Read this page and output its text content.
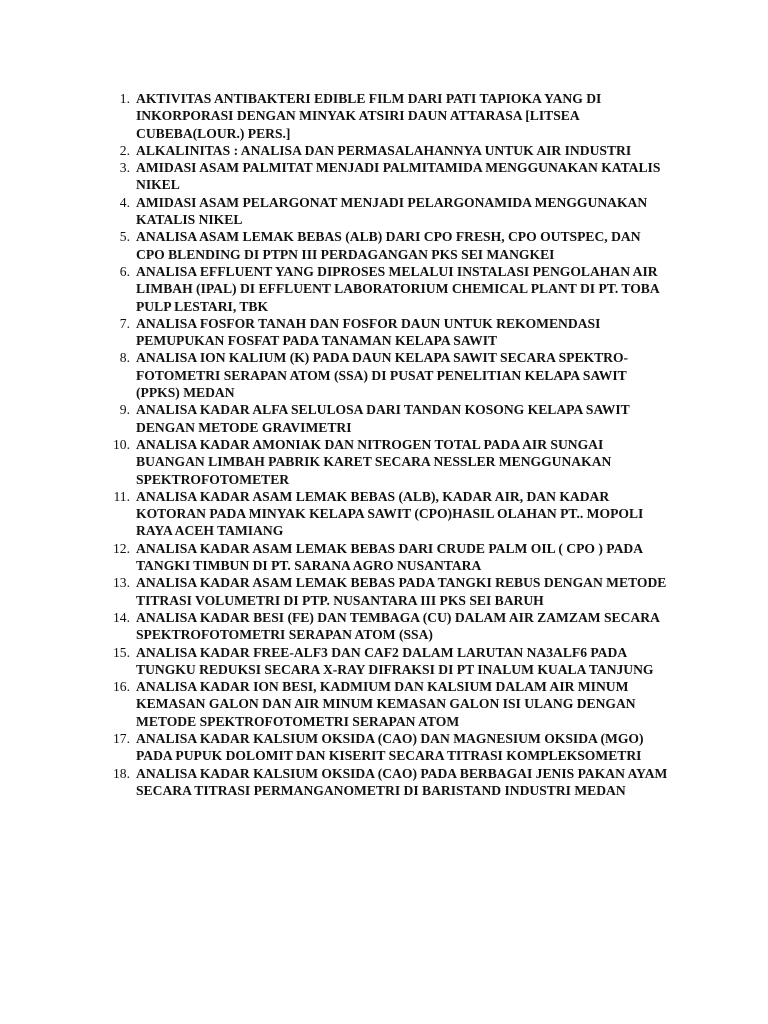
1. AKTIVITAS ANTIBAKTERI EDIBLE FILM DARI PATI TAPIOKA YANG DI INKORPORASI DENGAN MINYAK ATSIRI DAUN ATTARASA [LITSEA CUBEBA(LOUR.) PERS.]
2. ALKALINITAS : ANALISA DAN PERMASALAHANNYA UNTUK AIR INDUSTRI
3. AMIDASI ASAM PALMITAT MENJADI PALMITAMIDA MENGGUNAKAN KATALIS NIKEL
4. AMIDASI ASAM PELARGONAT MENJADI PELARGONAMIDA MENGGUNAKAN KATALIS NIKEL
5. ANALISA ASAM LEMAK BEBAS (ALB) DARI CPO FRESH, CPO OUTSPEC, DAN CPO BLENDING DI PTPN III PERDAGANGAN PKS SEI MANGKEI
6. ANALISA EFFLUENT YANG DIPROSES MELALUI INSTALASI PENGOLAHAN AIR LIMBAH (IPAL) DI EFFLUENT LABORATORIUM CHEMICAL PLANT DI PT. TOBA PULP LESTARI, TBK
7. ANALISA FOSFOR TANAH DAN FOSFOR DAUN UNTUK REKOMENDASI PEMUPUKAN FOSFAT PADA TANAMAN KELAPA SAWIT
8. ANALISA ION KALIUM (K) PADA DAUN KELAPA SAWIT SECARA SPEKTRO-FOTOMETRI SERAPAN ATOM (SSA) DI PUSAT PENELITIAN KELAPA SAWIT (PPKS) MEDAN
9. ANALISA KADAR ALFA SELULOSA DARI TANDAN KOSONG KELAPA SAWIT DENGAN METODE GRAVIMETRI
10. ANALISA KADAR AMONIAK DAN NITROGEN TOTAL PADA AIR SUNGAI BUANGAN LIMBAH PABRIK KARET SECARA NESSLER MENGGUNAKAN SPEKTROFOTOMETER
11. ANALISA KADAR ASAM LEMAK BEBAS (ALB), KADAR AIR, DAN KADAR KOTORAN PADA MINYAK KELAPA SAWIT (CPO)HASIL OLAHAN PT.. MOPOLI RAYA ACEH TAMIANG
12. ANALISA KADAR ASAM LEMAK BEBAS DARI CRUDE PALM OIL ( CPO ) PADA TANGKI TIMBUN DI PT. SARANA AGRO NUSANTARA
13. ANALISA KADAR ASAM LEMAK BEBAS PADA TANGKI REBUS DENGAN METODE TITRASI VOLUMETRI DI PTP. NUSANTARA III PKS SEI BARUH
14. ANALISA KADAR BESI (FE) DAN TEMBAGA (CU) DALAM AIR ZAMZAM SECARA SPEKTROFOTOMETRI SERAPAN ATOM (SSA)
15. ANALISA KADAR FREE-ALF3 DAN CAF2 DALAM LARUTAN NA3ALF6 PADA TUNGKU REDUKSI SECARA X-RAY DIFRAKSI DI PT INALUM KUALA TANJUNG
16. ANALISA KADAR ION BESI, KADMIUM DAN KALSIUM DALAM AIR MINUM KEMASAN GALON DAN AIR MINUM KEMASAN GALON ISI ULANG DENGAN METODE SPEKTROFOTOMETRI SERAPAN ATOM
17. ANALISA KADAR KALSIUM OKSIDA (CAO) DAN MAGNESIUM OKSIDA (MGO) PADA PUPUK DOLOMIT DAN KISERIT SECARA TITRASI KOMPLEKSOMETRI
18. ANALISA KADAR KALSIUM OKSIDA (CAO) PADA BERBAGAI JENIS PAKAN AYAM SECARA TITRASI PERMANGANOMETRI DI BARISTAND INDUSTRI MEDAN
